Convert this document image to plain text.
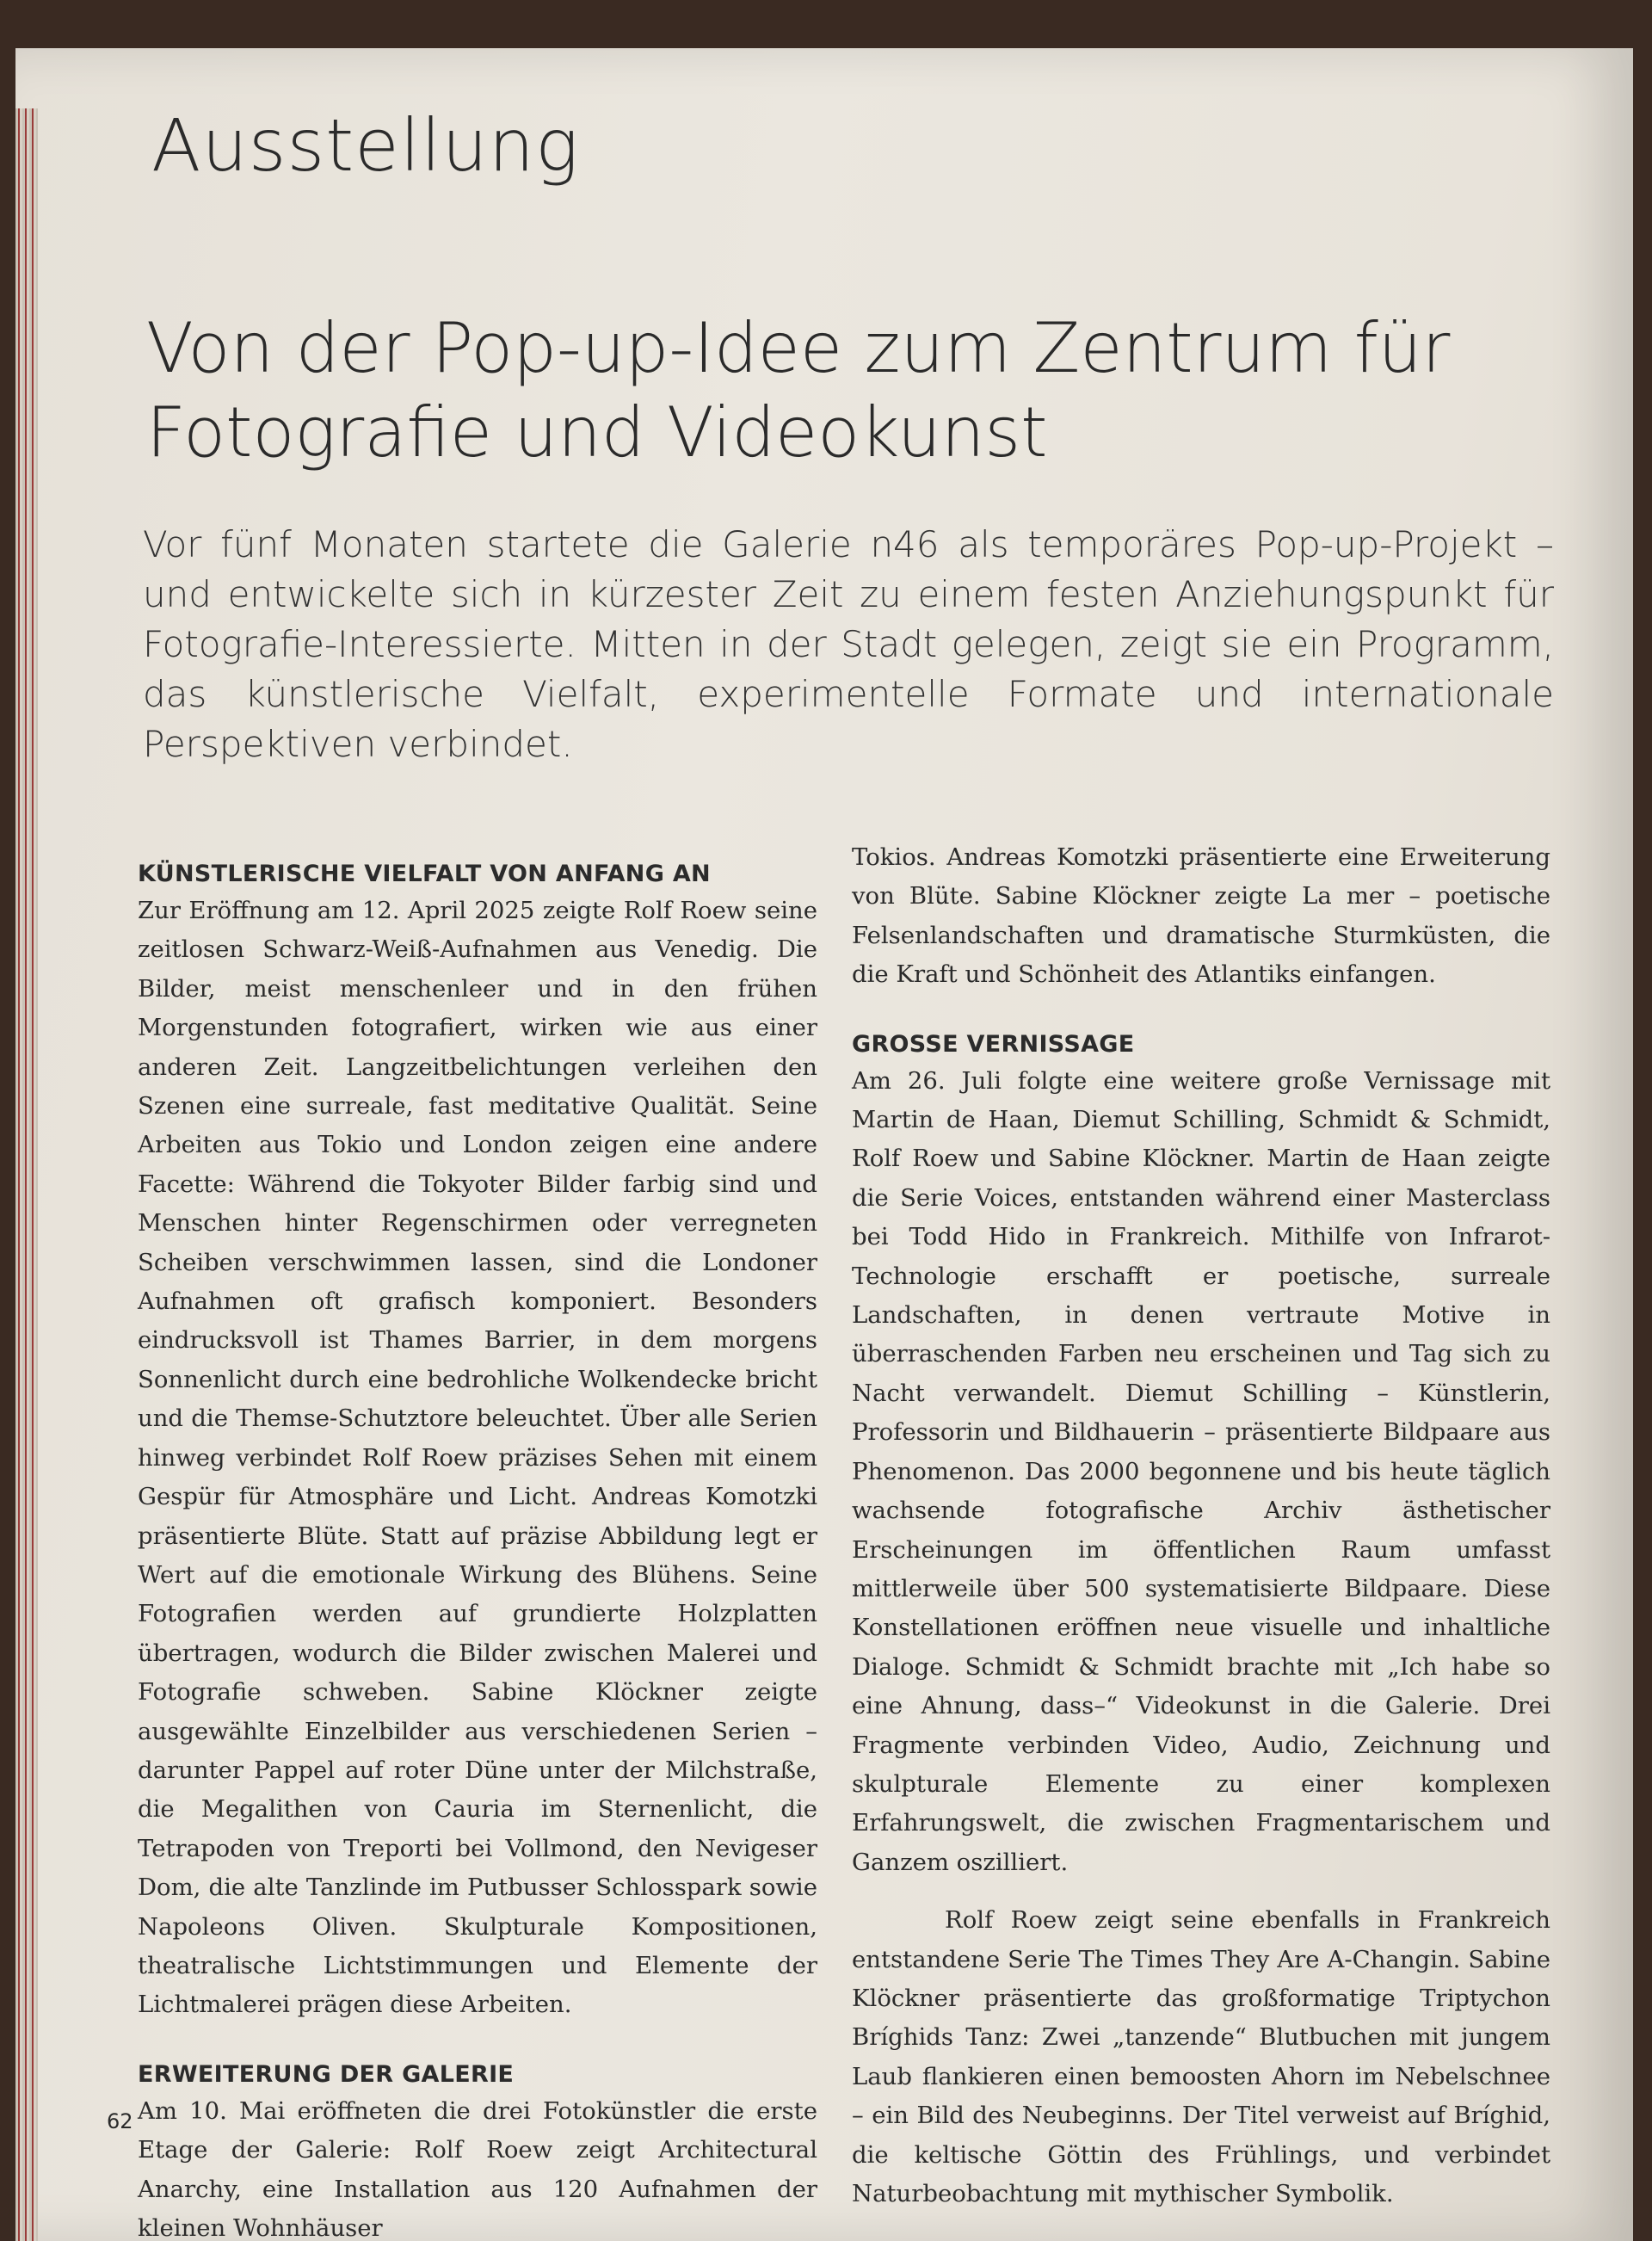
Ausstellung
Von der Pop-up-Idee zum Zentrum für Fotografie und Videokunst

Vor fünf Monaten startete die Galerie n46 als temporäres Pop-up-Projekt – und entwickelte sich in kürzester Zeit zu einem festen Anziehungspunkt für Fotografie-Interessierte. Mitten in der Stadt gelegen, zeigt sie ein Programm, das künstlerische Vielfalt, experimentelle Formate und internationale Perspektiven verbindet.

KÜNSTLERISCHE VIELFALT VON ANFANG AN

Zur Eröffnung am 12. April 2025 zeigte Rolf Roew seine zeitlosen Schwarz-Weiß-Aufnahmen aus Venedig. Die Bilder, meist menschenleer und in den frühen Morgenstunden fotografiert, wirken wie aus einer anderen Zeit. Langzeitbelichtungen verleihen den Szenen eine surreale, fast meditative Qualität. Seine Arbeiten aus Tokio und London zeigen eine andere Facette: Während die Tokyoter Bilder farbig sind und Menschen hinter Regenschirmen oder verregneten Scheiben verschwimmen lassen, sind die Londoner Aufnahmen oft grafisch komponiert. Besonders eindrucksvoll ist Thames Barrier, in dem morgens Sonnenlicht durch eine bedrohliche Wolkendecke bricht und die Themse-Schutztore beleuchtet. Über alle Serien hinweg verbindet Rolf Roew präzises Sehen mit einem Gespür für Atmosphäre und Licht. Andreas Komotzki präsentierte Blüte. Statt auf präzise Abbildung legt er Wert auf die emotionale Wirkung des Blühens. Seine Fotografien werden auf grundierte Holzplatten übertragen, wodurch die Bilder zwischen Malerei und Fotografie schweben. Sabine Klöckner zeigte ausgewählte Einzelbilder aus verschiedenen Serien – darunter Pappel auf roter Düne unter der Milchstraße, die Megalithen von Cauria im Sternenlicht, die Tetrapoden von Treporti bei Vollmond, den Nevigeser Dom, die alte Tanzlinde im Putbusser Schlosspark sowie Napoleons Oliven. Skulpturale Kompositionen, theatralische Lichtstimmungen und Elemente der Lichtmalerei prägen diese Arbeiten.

ERWEITERUNG DER GALERIE

Am 10. Mai eröffneten die drei Fotokünstler die erste Etage der Galerie: Rolf Roew zeigt Architectural Anarchy, eine Installation aus 120 Aufnahmen der kleinen Wohnhäuser

Tokios. Andreas Komotzki präsentierte eine Erweiterung von Blüte. Sabine Klöckner zeigte La mer – poetische Felsenlandschaften und dramatische Sturmküsten, die die Kraft und Schönheit des Atlantiks einfangen.

GROSSE VERNISSAGE

Am 26. Juli folgte eine weitere große Vernissage mit Martin de Haan, Diemut Schilling, Schmidt & Schmidt, Rolf Roew und Sabine Klöckner. Martin de Haan zeigte die Serie Voices, entstanden während einer Masterclass bei Todd Hido in Frankreich. Mithilfe von Infrarot-Technologie erschafft er poetische, surreale Landschaften, in denen vertraute Motive in überraschenden Farben neu erscheinen und Tag sich zu Nacht verwandelt. Diemut Schilling – Künstlerin, Professorin und Bildhauerin – präsentierte Bildpaare aus Phenomenon. Das 2000 begonnene und bis heute täglich wachsende fotografische Archiv ästhetischer Erscheinungen im öffentlichen Raum umfasst mittlerweile über 500 systematisierte Bildpaare. Diese Konstellationen eröffnen neue visuelle und inhaltliche Dialoge. Schmidt & Schmidt brachte mit „Ich habe so eine Ahnung, dass–“ Videokunst in die Galerie. Drei Fragmente verbinden Video, Audio, Zeichnung und skulpturale Elemente zu einer komplexen Erfahrungswelt, die zwischen Fragmentarischem und Ganzem oszilliert.

Rolf Roew zeigt seine ebenfalls in Frankreich entstandene Serie The Times They Are A-Changin. Sabine Klöckner präsentierte das großformatige Triptychon Bríghids Tanz: Zwei „tanzende“ Blutbuchen mit jungem Laub flankieren einen bemoosten Ahorn im Nebelschnee – ein Bild des Neubeginns. Der Titel verweist auf Bríghid, die keltische Göttin des Frühlings, und verbindet Naturbeobachtung mit mythischer Symbolik.

62
